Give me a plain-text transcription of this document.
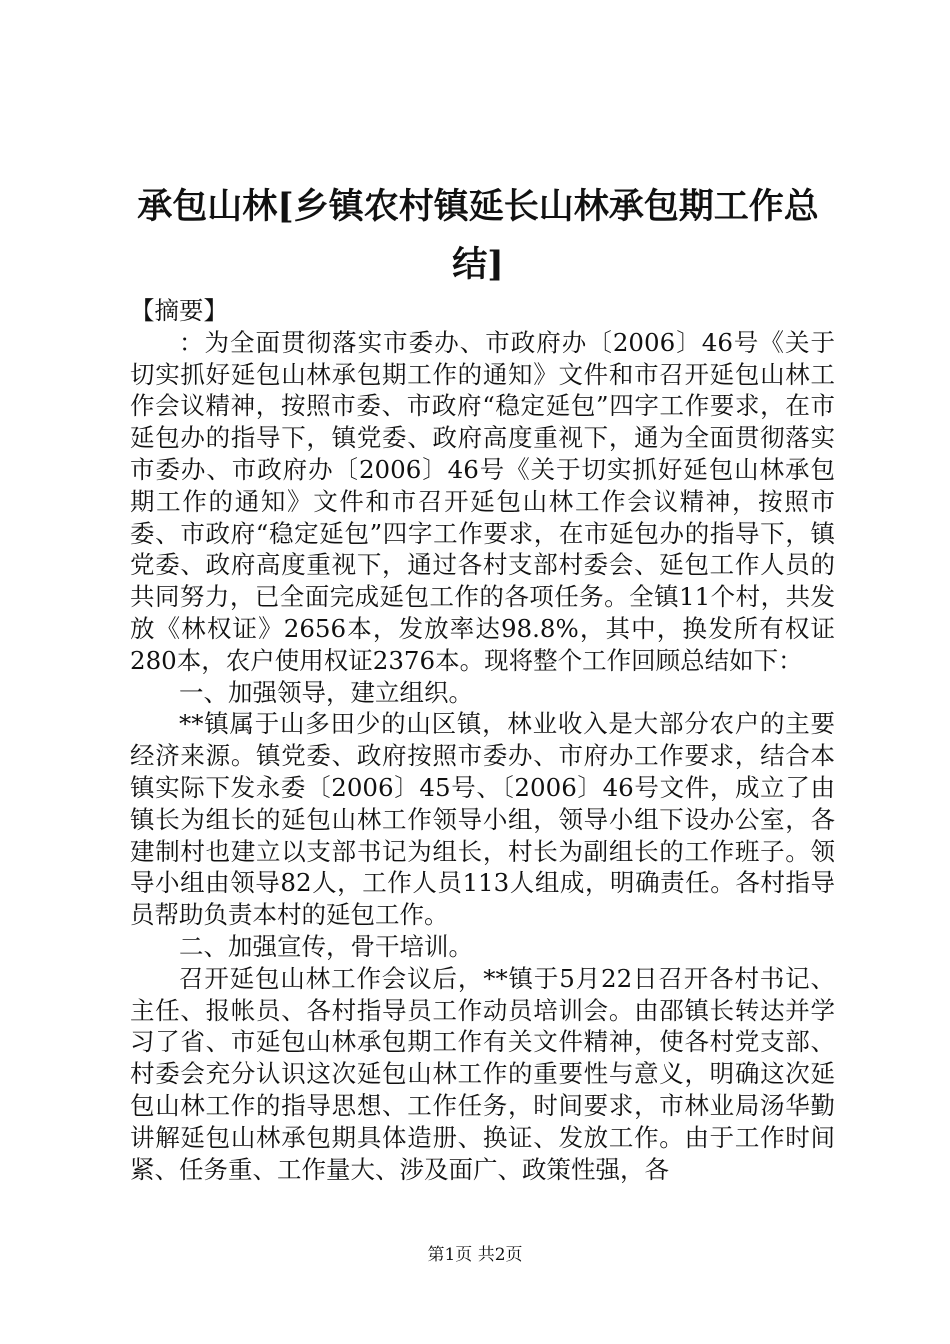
承包山林[乡镇农村镇延长山林承包期工作总结]

【摘要】

：为全面贯彻落实市委办、市政府办〔2006〕46号《关于切实抓好延包山林承包期工作的通知》文件和市召开延包山林工作会议精神，按照市委、市政府“稳定延包”四字工作要求，在市延包办的指导下，镇党委、政府高度重视下，通为全面贯彻落实市委办、市政府办〔2006〕46号《关于切实抓好延包山林承包期工作的通知》文件和市召开延包山林工作会议精神，按照市委、市政府“稳定延包”四字工作要求，在市延包办的指导下，镇党委、政府高度重视下，通过各村支部村委会、延包工作人员的共同努力，已全面完成延包工作的各项任务。全镇11个村，共发放《林权证》2656本，发放率达98.8%，其中，换发所有权证280本，农户使用权证2376本。现将整个工作回顾总结如下：

一、加强领导，建立组织。

**镇属于山多田少的山区镇，林业收入是大部分农户的主要经济来源。镇党委、政府按照市委办、市府办工作要求，结合本镇实际下发永委〔2006〕45号、〔2006〕46号文件，成立了由镇长为组长的延包山林工作领导小组，领导小组下设办公室，各建制村也建立以支部书记为组长，村长为副组长的工作班子。领导小组由领导82人，工作人员113人组成，明确责任。各村指导员帮助负责本村的延包工作。

二、加强宣传，骨干培训。

召开延包山林工作会议后，**镇于5月22日召开各村书记、主任、报帐员、各村指导员工作动员培训会。由邵镇长转达并学习了省、市延包山林承包期工作有关文件精神，使各村党支部、村委会充分认识这次延包山林工作的重要性与意义，明确这次延包山林工作的指导思想、工作任务，时间要求，市林业局汤华勤讲解延包山林承包期具体造册、换证、发放工作。由于工作时间紧、任务重、工作量大、涉及面广、政策性强，各

第1页 共2页
